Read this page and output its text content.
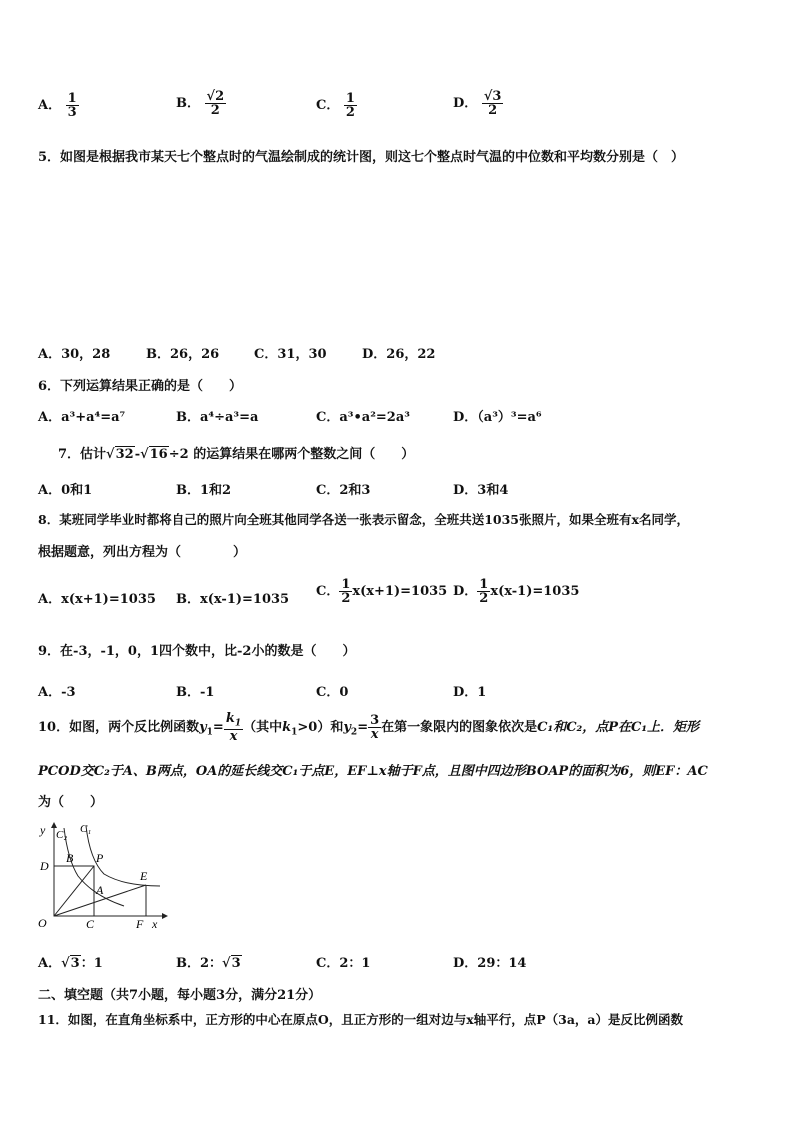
A． $\frac{1}{3}$	B． $\frac{√2}{2}$	C． $\frac{1}{2}$	D． $\frac{√3}{2}$
5．如图是根据我市某天七个整点时的气温绘制成的统计图，则这七个整点时气温的中位数和平均数分别是（　）
A．30，28	B．26，26	C．31，30	D．26，22
6．下列运算结果正确的是（　　）
A．a³+a⁴=a⁷	B．a⁴÷a³=a	C．a³•a²=2a³	D．（a³）³=a⁶
7．估计√32-√16÷2 的运算结果在哪两个整数之间（　　）
A．0和1	B．1和2	C．2和3	D．3和4
8．某班同学毕业时都将自己的照片向全班其他同学各送一张表示留念，全班共送1035张照片，如果全班有x名同学，
根据题意，列出方程为（　　　　）
A．x(x+1)=1035 B．x(x-1)=1035
C． $\frac{1}{2} x(x+1)=1035$ D． $\frac{1}{2} x(x-1)=1035$
9．在-3，-1，0，1四个数中，比-2小的数是（　　）
A．-3	B．-1	C．0	D．1
10．如图，两个反比例函数$y_1= \frac{k_1}{x}$ （其中$k_1>0$）和$y_2= \frac{3}{x}$ 在第一象限内的图象依次是C₁和C₂，点P在C₁上．矩形
PCOD交C₂于A、B两点，OA的延长线交C₁于点E，EF⊥x轴于F点，且图中四边形BOAP的面积为6，则EF：AC
为（　　）
y C₂ C₁
D
B P
E
A
O	C	F x
A．√3：1	B．2：√3	C．2：1	D．29：14
二、填空题（共7小题，每小题3分，满分21分）
11．如图，在直角坐标系中，正方形的中心在原点O，且正方形的一组对边与x轴平行，点P（3a，a）是反比例函数
